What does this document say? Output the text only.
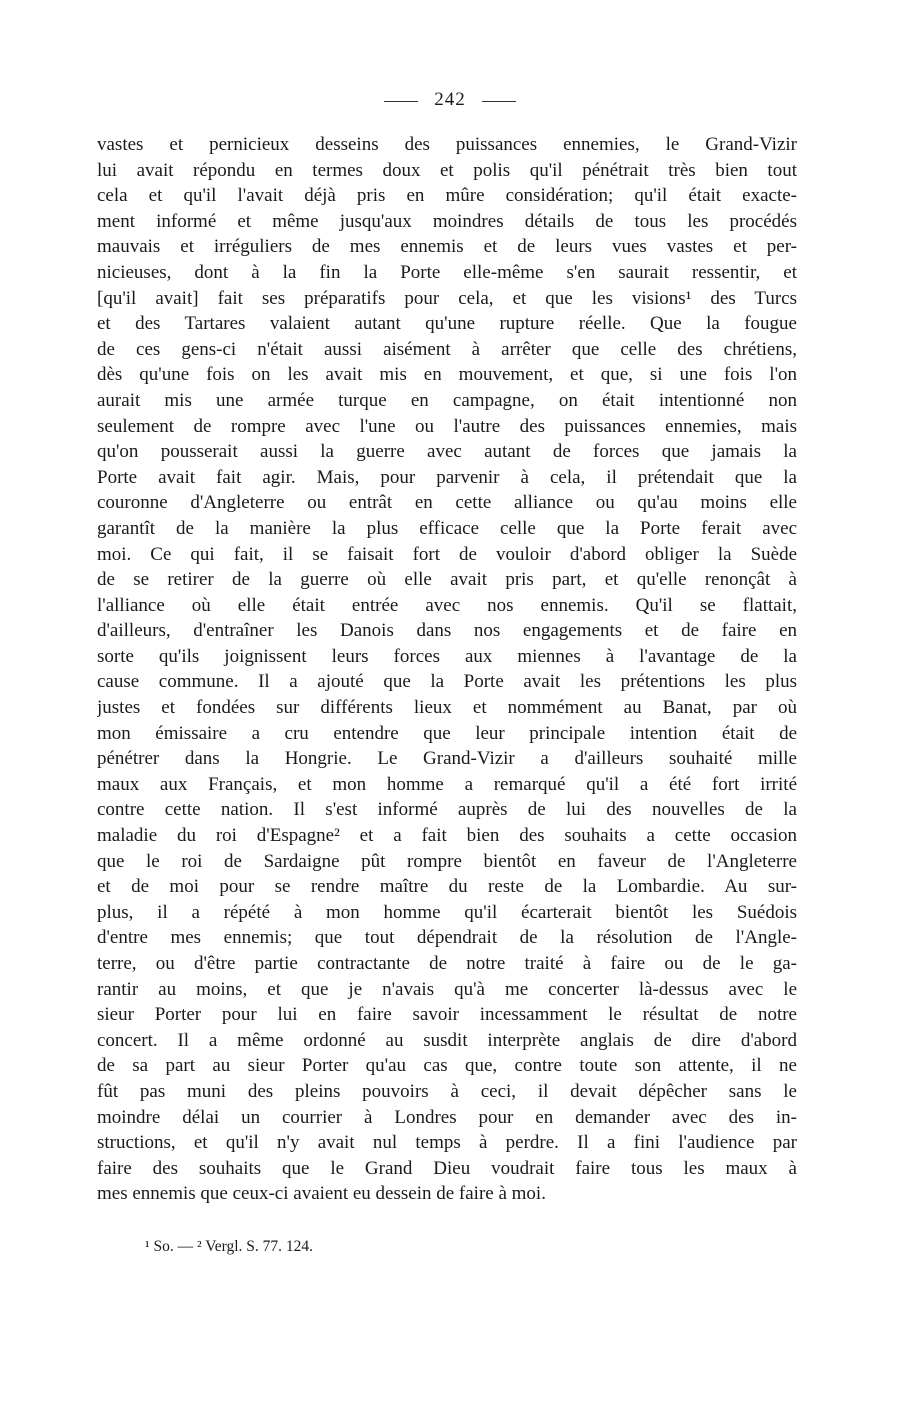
242
vastes et pernicieux desseins des puissances ennemies, le Grand-Vizir
lui avait répondu en termes doux et polis qu'il pénétrait très bien tout
cela et qu'il l'avait déjà pris en mûre considération; qu'il était exacte-
ment informé et même jusqu'aux moindres détails de tous les procédés
mauvais et irréguliers de mes ennemis et de leurs vues vastes et per-
nicieuses, dont à la fin la Porte elle-même s'en saurait ressentir, et
[qu'il avait] fait ses préparatifs pour cela, et que les visions¹ des Turcs
et des Tartares valaient autant qu'une rupture réelle. Que la fougue
de ces gens-ci n'était aussi aisément à arrêter que celle des chrétiens,
dès qu'une fois on les avait mis en mouvement, et que, si une fois l'on
aurait mis une armée turque en campagne, on était intentionné non
seulement de rompre avec l'une ou l'autre des puissances ennemies, mais
qu'on pousserait aussi la guerre avec autant de forces que jamais la
Porte avait fait agir. Mais, pour parvenir à cela, il prétendait que la
couronne d'Angleterre ou entrât en cette alliance ou qu'au moins elle
garantît de la manière la plus efficace celle que la Porte ferait avec
moi. Ce qui fait, il se faisait fort de vouloir d'abord obliger la Suède
de se retirer de la guerre où elle avait pris part, et qu'elle renonçât à
l'alliance où elle était entrée avec nos ennemis. Qu'il se flattait,
d'ailleurs, d'entraîner les Danois dans nos engagements et de faire en
sorte qu'ils joignissent leurs forces aux miennes à l'avantage de la
cause commune. Il a ajouté que la Porte avait les prétentions les plus
justes et fondées sur différents lieux et nommément au Banat, par où
mon émissaire a cru entendre que leur principale intention était de
pénétrer dans la Hongrie. Le Grand-Vizir a d'ailleurs souhaité mille
maux aux Français, et mon homme a remarqué qu'il a été fort irrité
contre cette nation. Il s'est informé auprès de lui des nouvelles de la
maladie du roi d'Espagne² et a fait bien des souhaits a cette occasion
que le roi de Sardaigne pût rompre bientôt en faveur de l'Angleterre
et de moi pour se rendre maître du reste de la Lombardie. Au sur-
plus, il a répété à mon homme qu'il écarterait bientôt les Suédois
d'entre mes ennemis; que tout dépendrait de la résolution de l'Angle-
terre, ou d'être partie contractante de notre traité à faire ou de le ga-
rantir au moins, et que je n'avais qu'à me concerter là-dessus avec le
sieur Porter pour lui en faire savoir incessamment le résultat de notre
concert. Il a même ordonné au susdit interprète anglais de dire d'abord
de sa part au sieur Porter qu'au cas que, contre toute son attente, il ne
fût pas muni des pleins pouvoirs à ceci, il devait dépêcher sans le
moindre délai un courrier à Londres pour en demander avec des in-
structions, et qu'il n'y avait nul temps à perdre. Il a fini l'audience par
faire des souhaits que le Grand Dieu voudrait faire tous les maux à
mes ennemis que ceux-ci avaient eu dessein de faire à moi.
¹ So. — ² Vergl. S. 77. 124.
